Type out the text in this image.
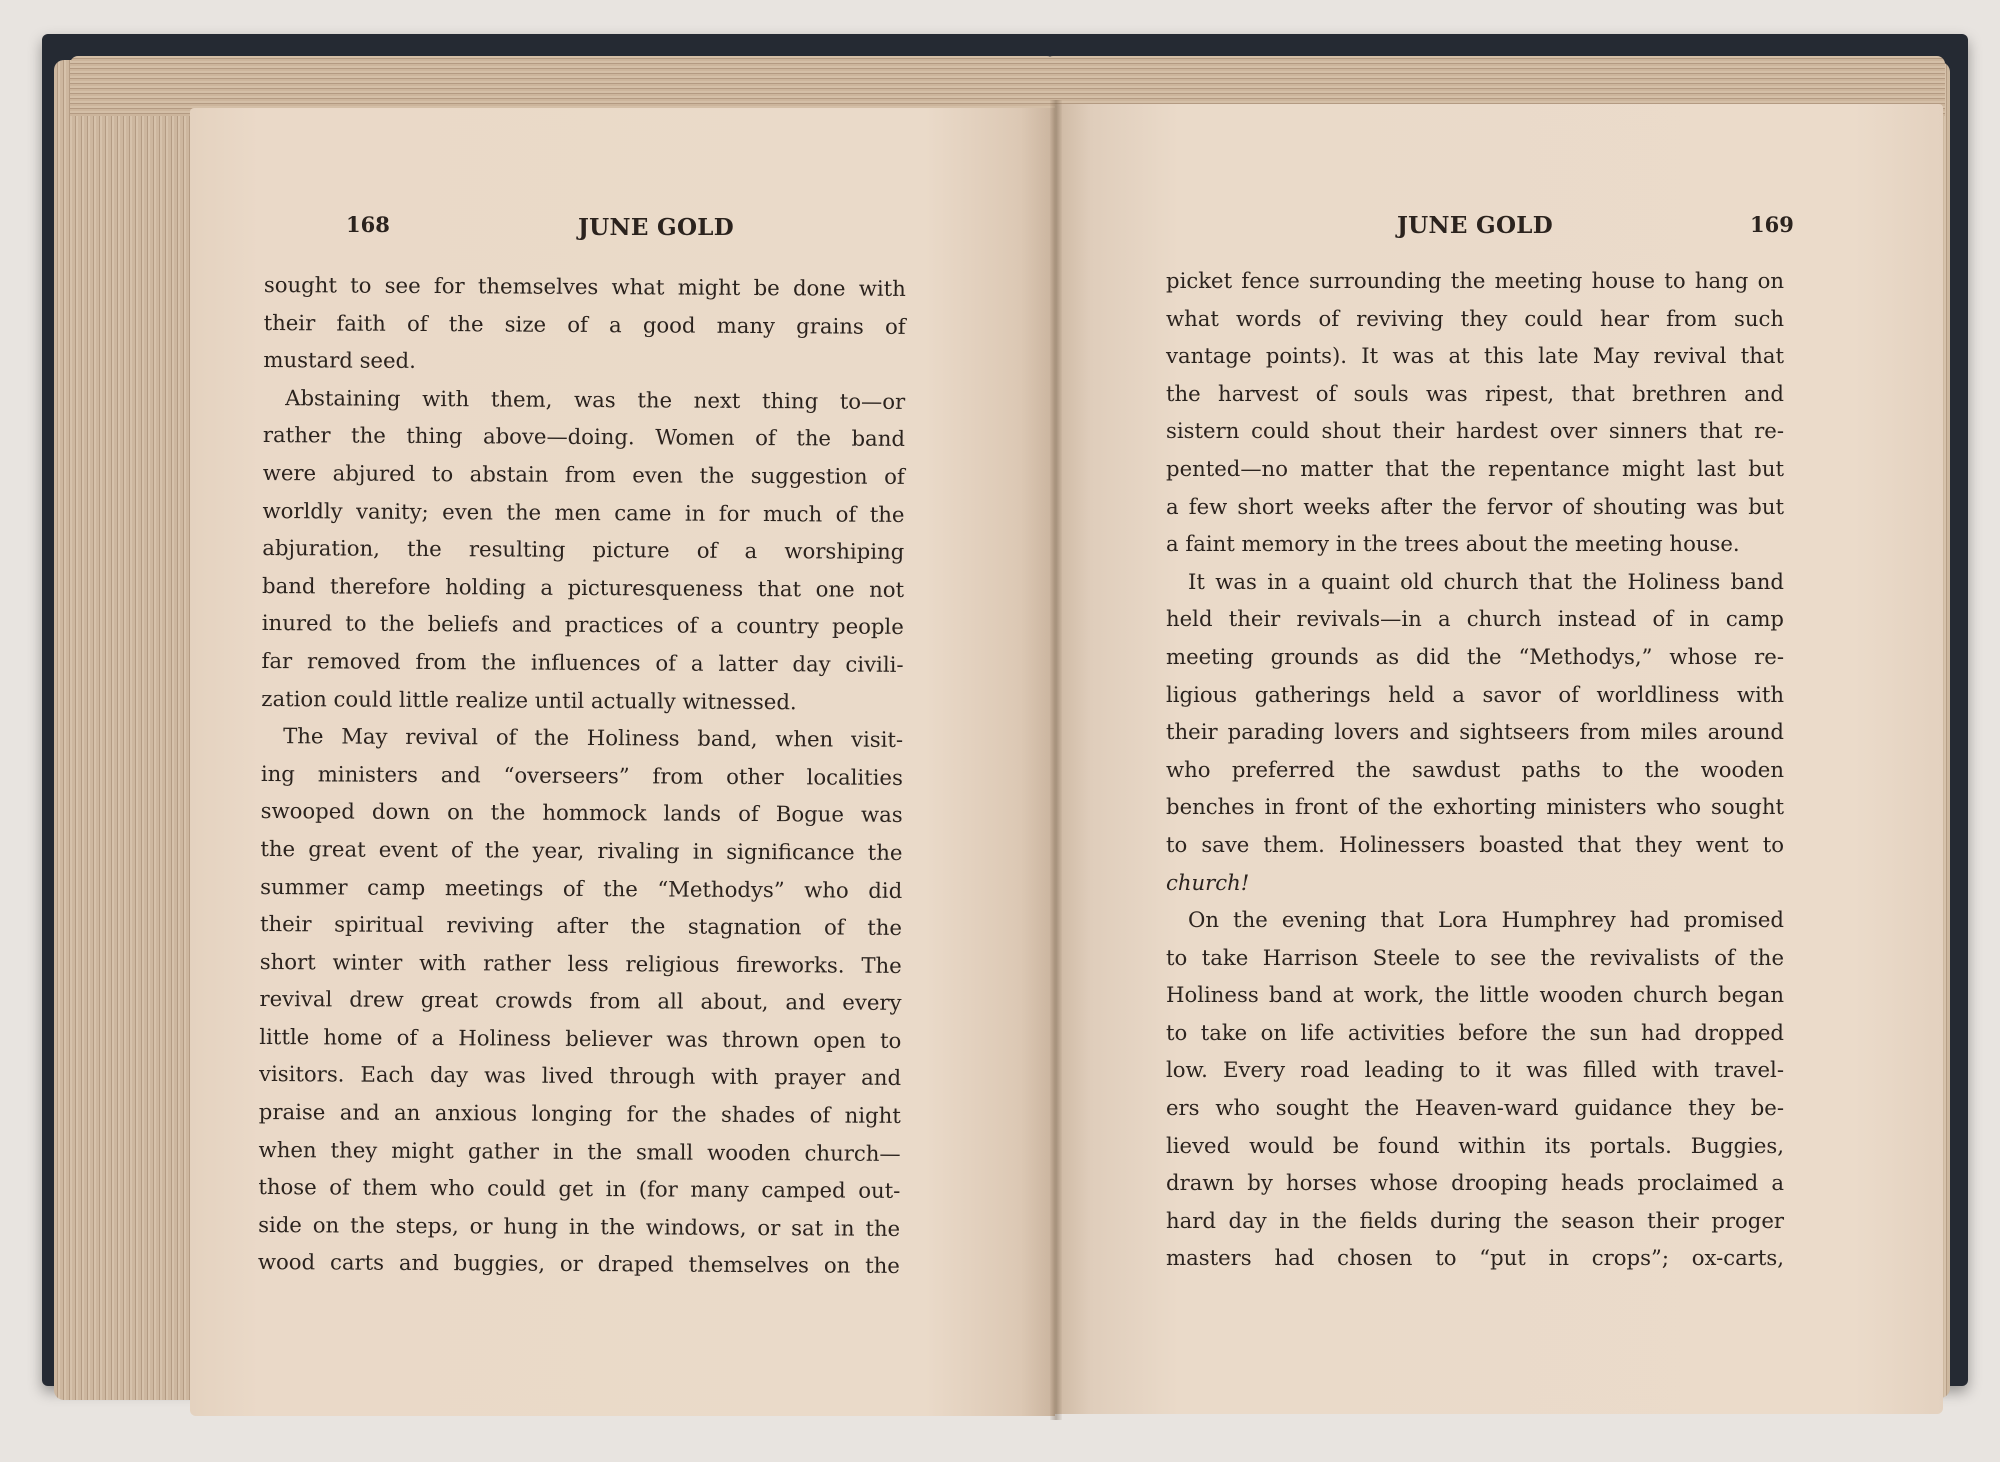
168	JUNE GOLD
sought to see for themselves what might be done with
their faith of the size of a good many grains of
mustard seed.
Abstaining with them, was the next thing to—or
rather the thing above—doing. Women of the band
were abjured to abstain from even the suggestion of
worldly vanity; even the men came in for much of the
abjuration, the resulting picture of a worshiping
band therefore holding a picturesqueness that one not
inured to the beliefs and practices of a country people
far removed from the influences of a latter day civili-
zation could little realize until actually witnessed.
The May revival of the Holiness band, when visit-
ing ministers and “overseers” from other localities
swooped down on the hommock lands of Bogue was
the great event of the year, rivaling in significance the
summer camp meetings of the “Methodys” who did
their spiritual reviving after the stagnation of the
short winter with rather less religious fireworks. The
revival drew great crowds from all about, and every
little home of a Holiness believer was thrown open to
visitors. Each day was lived through with prayer and
praise and an anxious longing for the shades of night
when they might gather in the small wooden church—
those of them who could get in (for many camped out-
side on the steps, or hung in the windows, or sat in the
wood carts and buggies, or draped themselves on the
JUNE GOLD	169
picket fence surrounding the meeting house to hang on
what words of reviving they could hear from such
vantage points). It was at this late May revival that
the harvest of souls was ripest, that brethren and
sistern could shout their hardest over sinners that re-
pented—no matter that the repentance might last but
a few short weeks after the fervor of shouting was but
a faint memory in the trees about the meeting house.
It was in a quaint old church that the Holiness band
held their revivals—in a church instead of in camp
meeting grounds as did the “Methodys,” whose re-
ligious gatherings held a savor of worldliness with
their parading lovers and sightseers from miles around
who preferred the sawdust paths to the wooden
benches in front of the exhorting ministers who sought
to save them. Holinessers boasted that they went to
church!
On the evening that Lora Humphrey had promised
to take Harrison Steele to see the revivalists of the
Holiness band at work, the little wooden church began
to take on life activities before the sun had dropped
low. Every road leading to it was filled with travel-
ers who sought the Heaven-ward guidance they be-
lieved would be found within its portals. Buggies,
drawn by horses whose drooping heads proclaimed a
hard day in the fields during the season their proger
masters had chosen to “put in crops”; ox-carts,
